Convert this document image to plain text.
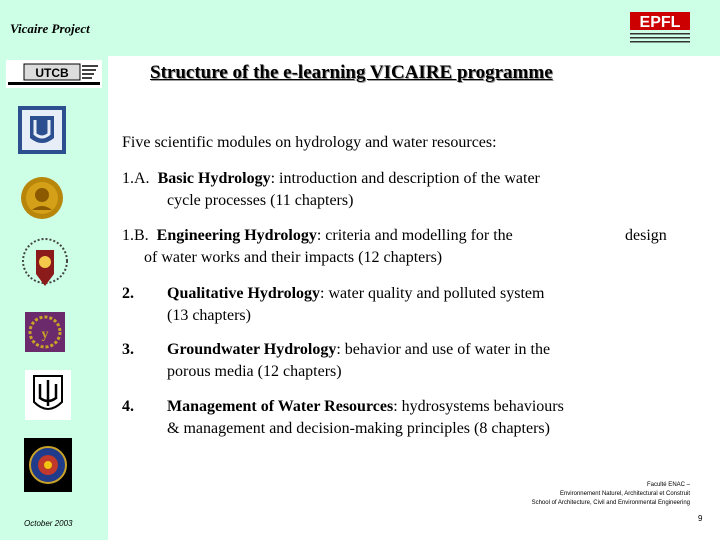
Vicaire Project	EPFL
UTCB	Structure of the e-learning VICAIRE programme
y
Five scientific modules on hydrology and water resources:
1.A. Basic Hydrology: introduction and description of the water
cycle processes (11 chapters)
1.B. Engineering Hydrology: criteria and modelling for the	design
of water works and their impacts (12 chapters)
2.	Qualitative Hydrology: water quality and polluted system
(13 chapters)
3.	Groundwater Hydrology: behavior and use of water in the
porous media (12 chapters)
4.	Management of Water Resources: hydrosystems behaviours
& management and decision-making principles (8 chapters)
October 2003
Faculté ENAC –
Environnement Naturel, Architectural et Construit
School of Architecture, Civil and Environmental Engineering
9
